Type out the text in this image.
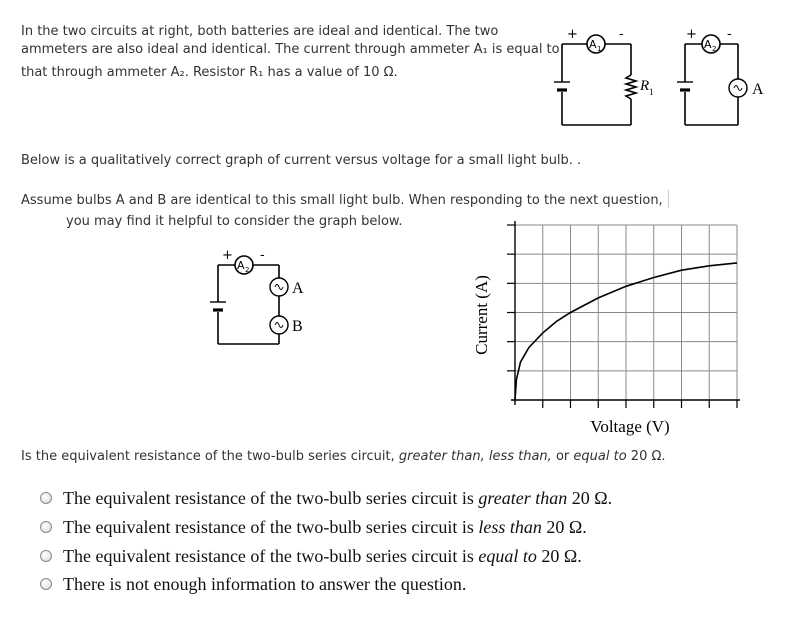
In the two circuits at right, both batteries are ideal and identical. The two
ammeters are also ideal and identical. The current through ammeter A₁ is equal to
that through ammeter A₂. Resistor R₁ has a value of 10 Ω.
+	-
A 1
R 1
+ -
A 2
A
Below is a qualitatively correct graph of current versus voltage for a small light bulb. .
Assume bulbs A and B are identical to this small light bulb. When responding to the next question,
you may find it helpful to consider the graph below.
+ -
A 2
A
B	Current (A)
Voltage (V)
Is the equivalent resistance of the two-bulb series circuit, greater than, less than, or equal to 20 Ω.
The equivalent resistance of the two-bulb series circuit is greater than 20 Ω.
The equivalent resistance of the two-bulb series circuit is less than 20 Ω.
The equivalent resistance of the two-bulb series circuit is equal to 20 Ω.
There is not enough information to answer the question.
